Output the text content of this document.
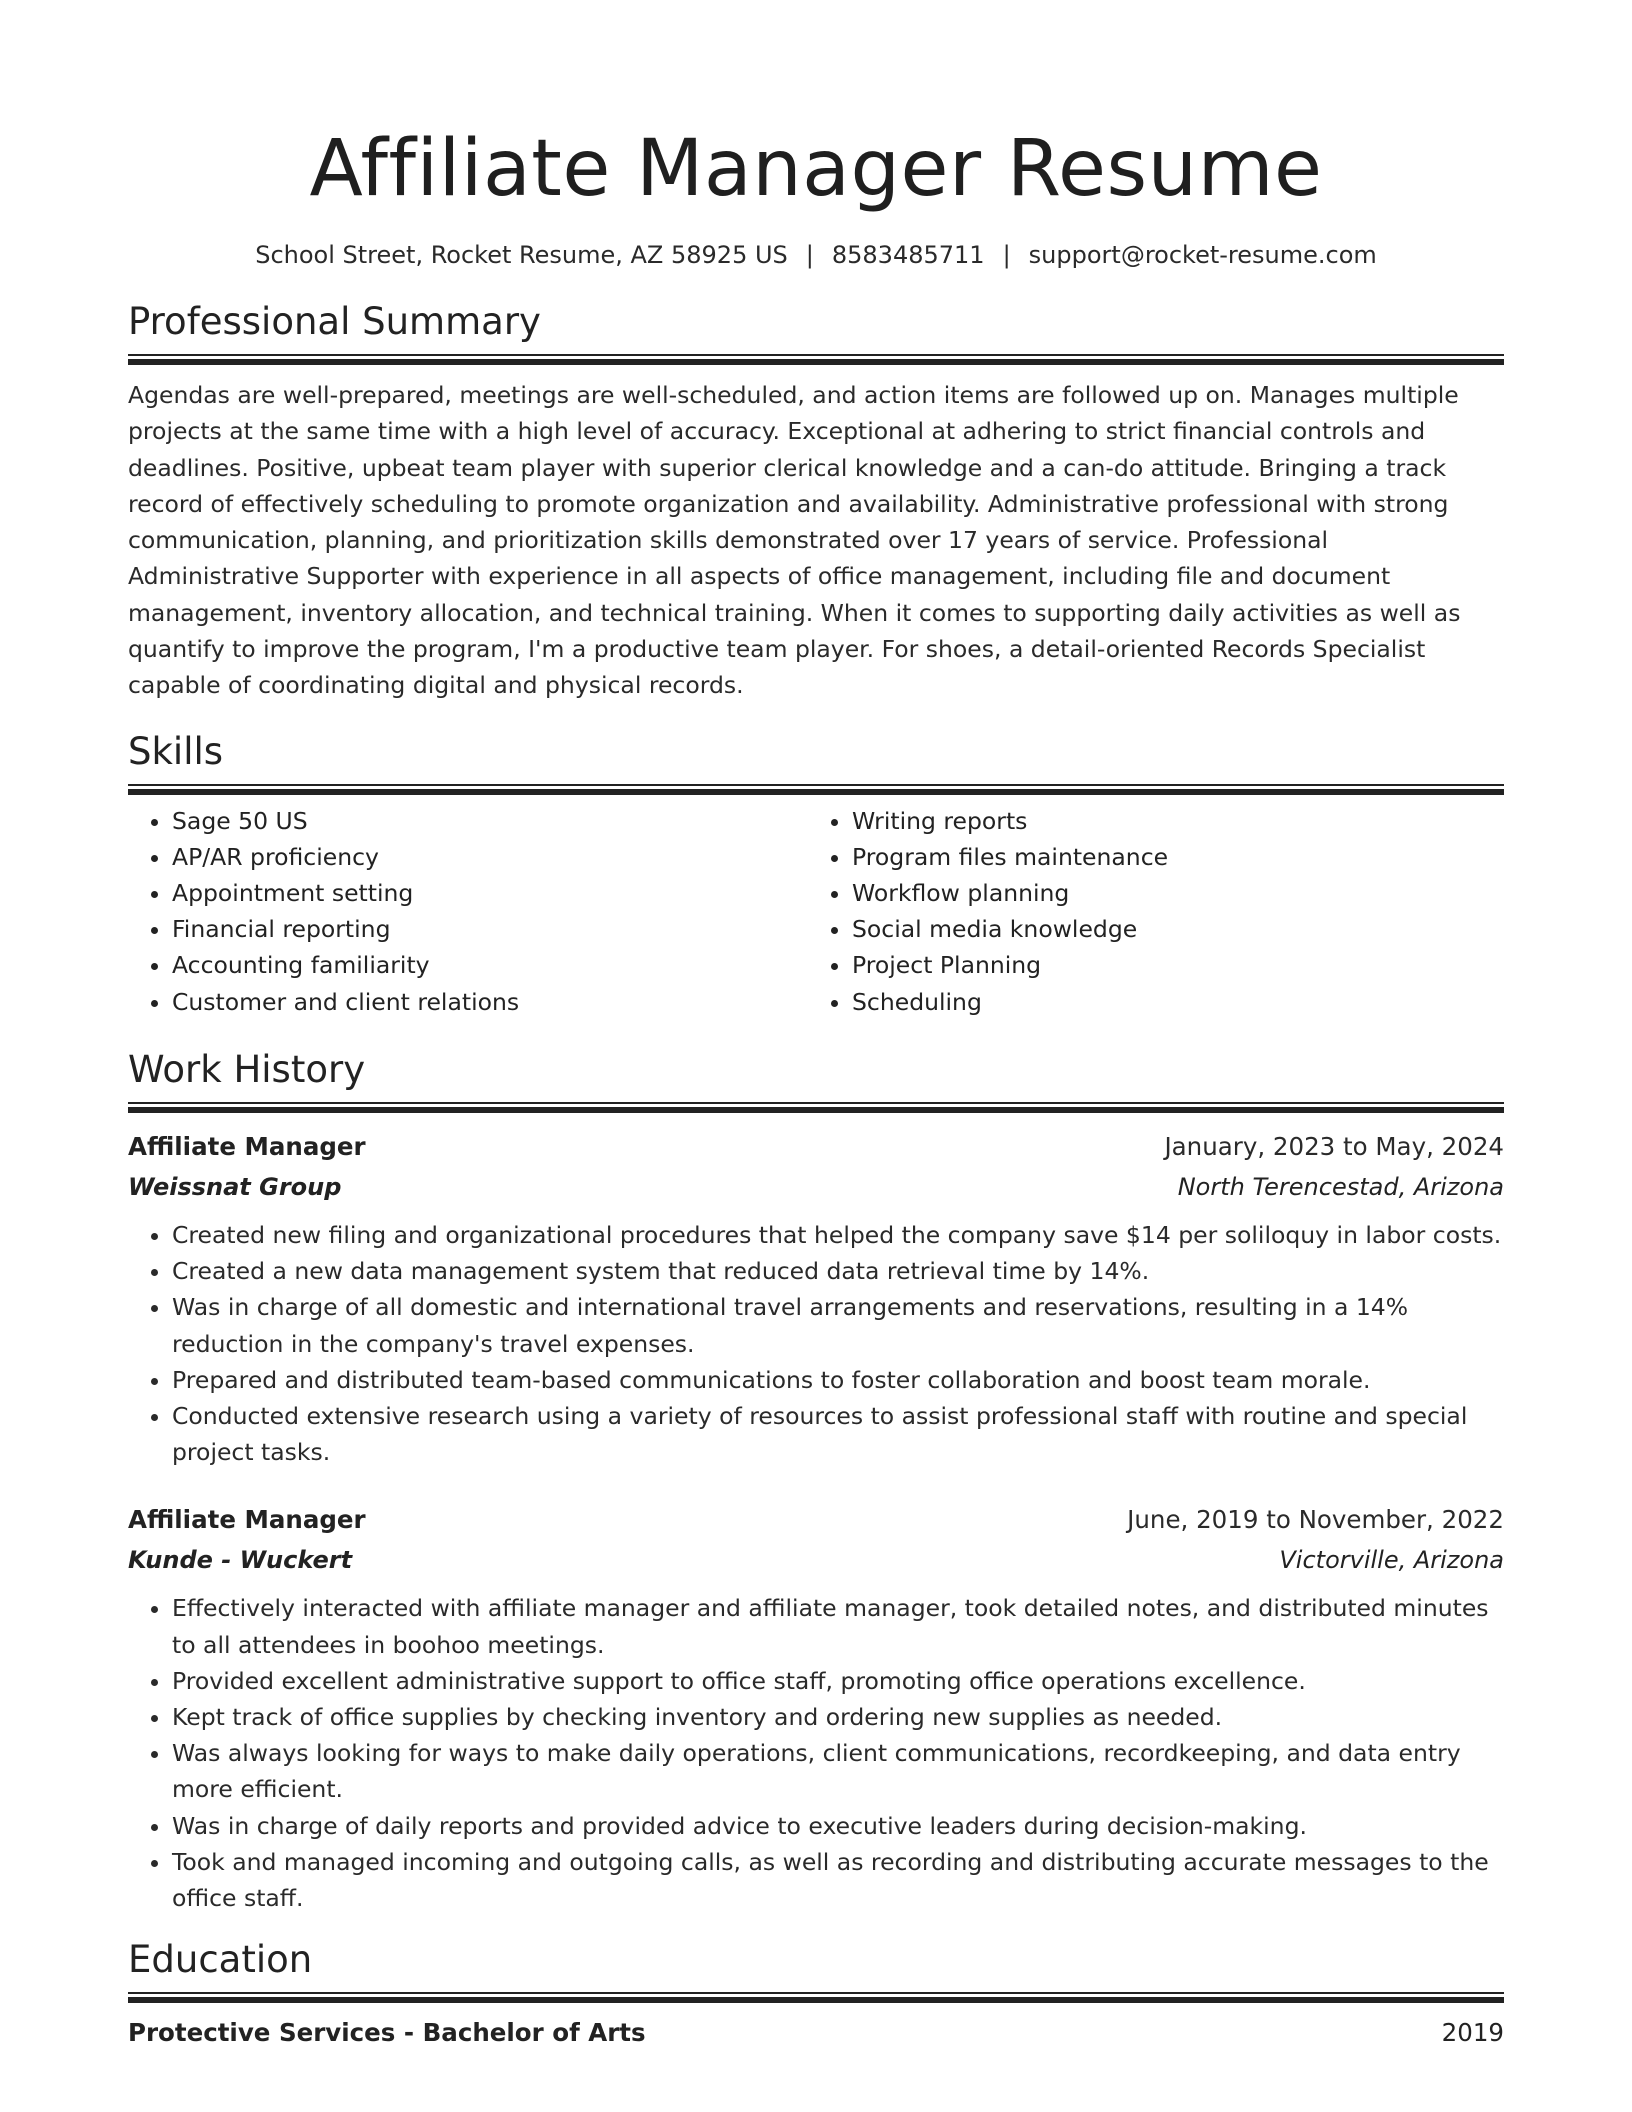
Affiliate Manager Resume
School Street, Rocket Resume, AZ 58925 US | 8583485711 | support@rocket-resume.com
Professional Summary

Agendas are well-prepared, meetings are well-scheduled, and action items are followed up on. Manages multiple projects at the same time with a high level of accuracy. Exceptional at adhering to strict financial controls and deadlines. Positive, upbeat team player with superior clerical knowledge and a can-do attitude. Bringing a track record of effectively scheduling to promote organization and availability. Administrative professional with strong communication, planning, and prioritization skills demonstrated over 17 years of service. Professional Administrative Supporter with experience in all aspects of office management, including file and document management, inventory allocation, and technical training. When it comes to supporting daily activities as well as quantify to improve the program, I'm a productive team player. For shoes, a detail-oriented Records Specialist capable of coordinating digital and physical records.

Skills
• Sage 50 US
• AP/AR proficiency
• Appointment setting
• Financial reporting
• Accounting familiarity
• Customer and client relations
• Writing reports
• Program files maintenance
• Workflow planning
• Social media knowledge
• Project Planning
• Scheduling
Work History
Affiliate Manager	January, 2023 to May, 2024
Weissnat Group	North Terencestad, Arizona
• Created new filing and organizational procedures that helped the company save $14 per soliloquy in labor costs.
• Created a new data management system that reduced data retrieval time by 14%.
• Was in charge of all domestic and international travel arrangements and reservations, resulting in a 14% reduction in the company's travel expenses.
• Prepared and distributed team-based communications to foster collaboration and boost team morale.
• Conducted extensive research using a variety of resources to assist professional staff with routine and special project tasks.
Affiliate Manager	June, 2019 to November, 2022
Kunde - Wuckert	Victorville, Arizona
• Effectively interacted with affiliate manager and affiliate manager, took detailed notes, and distributed minutes to all attendees in boohoo meetings.
• Provided excellent administrative support to office staff, promoting office operations excellence.
• Kept track of office supplies by checking inventory and ordering new supplies as needed.
• Was always looking for ways to make daily operations, client communications, recordkeeping, and data entry more efficient.
• Was in charge of daily reports and provided advice to executive leaders during decision-making.
• Took and managed incoming and outgoing calls, as well as recording and distributing accurate messages to the office staff.
Education
Protective Services - Bachelor of Arts	2019
